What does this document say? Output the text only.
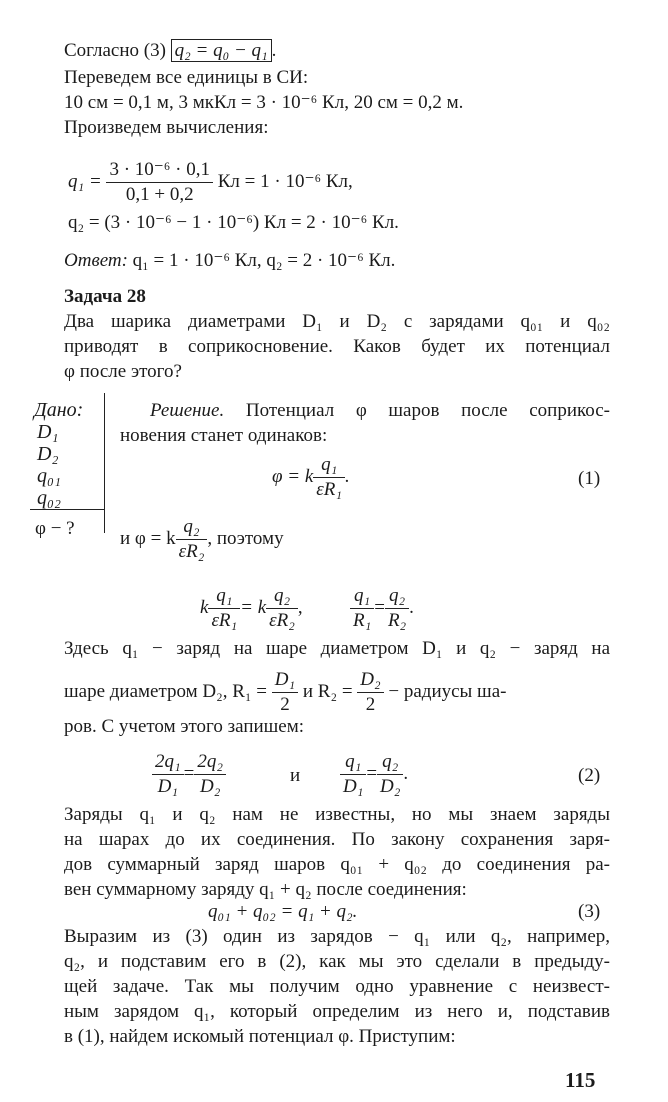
Согласно (3) q₂ = q₀ − q₁ .
Переведем все единицы в СИ:
10 см = 0,1 м, 3 мкКл = 3 · 10⁻⁶ Кл, 20 см = 0,2 м.
Произведем вычисления:
$q_1 = \frac{\text{3 · 10⁻⁶ · 0,1}}{0,1 + 0,2}$ Кл = 1 · 10⁻⁶ Кл,
q₂ = (3 · 10⁻⁶ − 1 · 10⁻⁶) Кл = 2 · 10⁻⁶ Кл.
Ответ: q₁ = 1 · 10⁻⁶ Кл, q₂ = 2 · 10⁻⁶ Кл.
Задача 28
Два шарика диаметрами D₁ и D₂ с зарядами q₀₁ и q₀₂
приводят в соприкосновение. Каков будет их потенциал
φ после этого?
Дано:
D₁
D₂
q₀₁
q₀₂
φ − ?
Решение. Потенциал φ шаров после соприкос-
новения станет одинаков:
φ = k $\frac{\text{q₁}}{\text{εR₁}}$ .	(1)
и φ = k $\frac{\text{q₂}}{\text{εR₂}}$ , поэтому
k $\frac{\text{q₁}}{\text{εR₁}} = k \frac{\text{q₂}}{\text{εR₂}}$ , $\frac{\text{q₁}}{\text{R₁}} = \frac{\text{q₂}}{\text{R₂}}$ .
Здесь q₁ − заряд на шаре диаметром D₁ и q₂ − заряд на
шаре диаметром D₂, $R_1 = \frac{\text{D₁}}{2}$ и $R_2 = \frac{\text{D₂}}{2}$ − радиусы ша-
ров. С учетом этого запишем:
$\frac{\text{2q₁}}{\text{D₁}} = \frac{\text{2q₂}}{\text{D₂}}$	и $\frac{\text{q₁}}{\text{D₁}} = \frac{\text{q₂}}{\text{D₂}}$ .	(2)
Заряды q₁ и q₂ нам не известны, но мы знаем заряды
на шарах до их соединения. По закону сохранения заря-
дов суммарный заряд шаров q₀₁ + q₀₂ до соединения ра-
вен суммарному заряду q₁ + q₂ после соединения:
q₀₁ + q₀₂ = q₁ + q₂.	(3)
Выразим из (3) один из зарядов − q₁ или q₂, например,
q₂, и подставим его в (2), как мы это сделали в предыду-
щей задаче. Так мы получим одно уравнение с неизвест-
ным зарядом q₁, который определим из него и, подставив
в (1), найдем искомый потенциал φ. Приступим:
115
